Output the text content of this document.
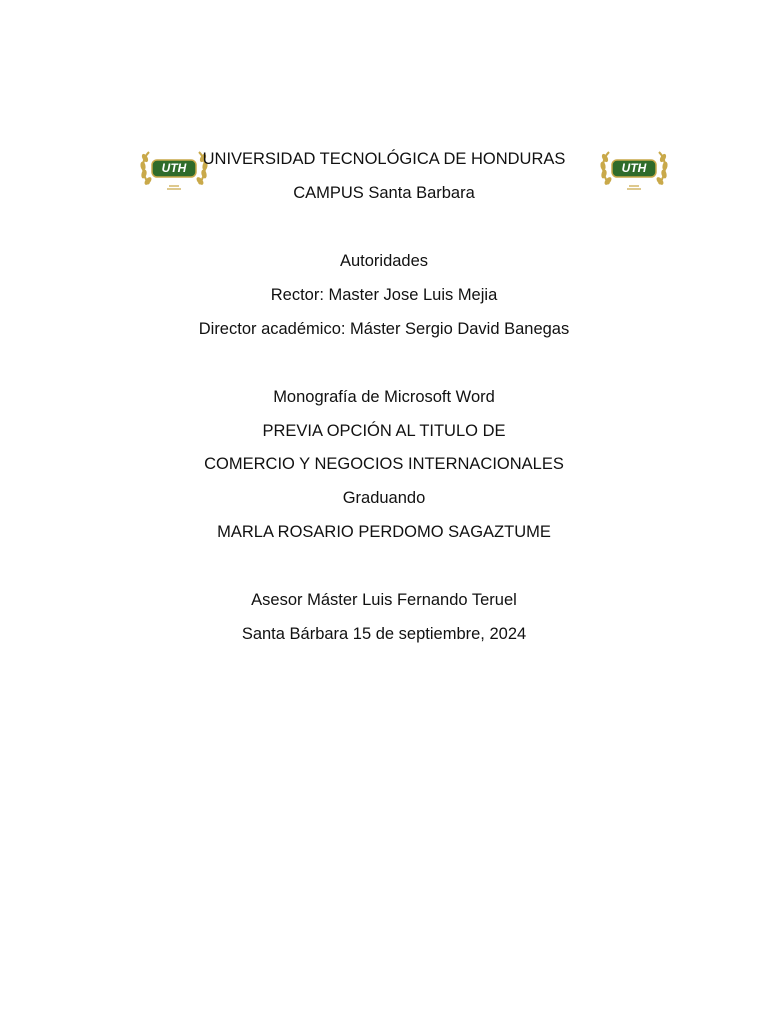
UTH	UTH
UNIVERSIDAD TECNOLÓGICA DE HONDURAS
CAMPUS Santa Barbara
Autoridades
Rector: Master Jose Luis Mejia
Director académico: Máster Sergio David Banegas
Monografía de Microsoft Word
PREVIA OPCIÓN AL TITULO DE
COMERCIO Y NEGOCIOS INTERNACIONALES
Graduando
MARLA ROSARIO PERDOMO SAGAZTUME
Asesor Máster Luis Fernando Teruel
Santa Bárbara 15 de septiembre, 2024
